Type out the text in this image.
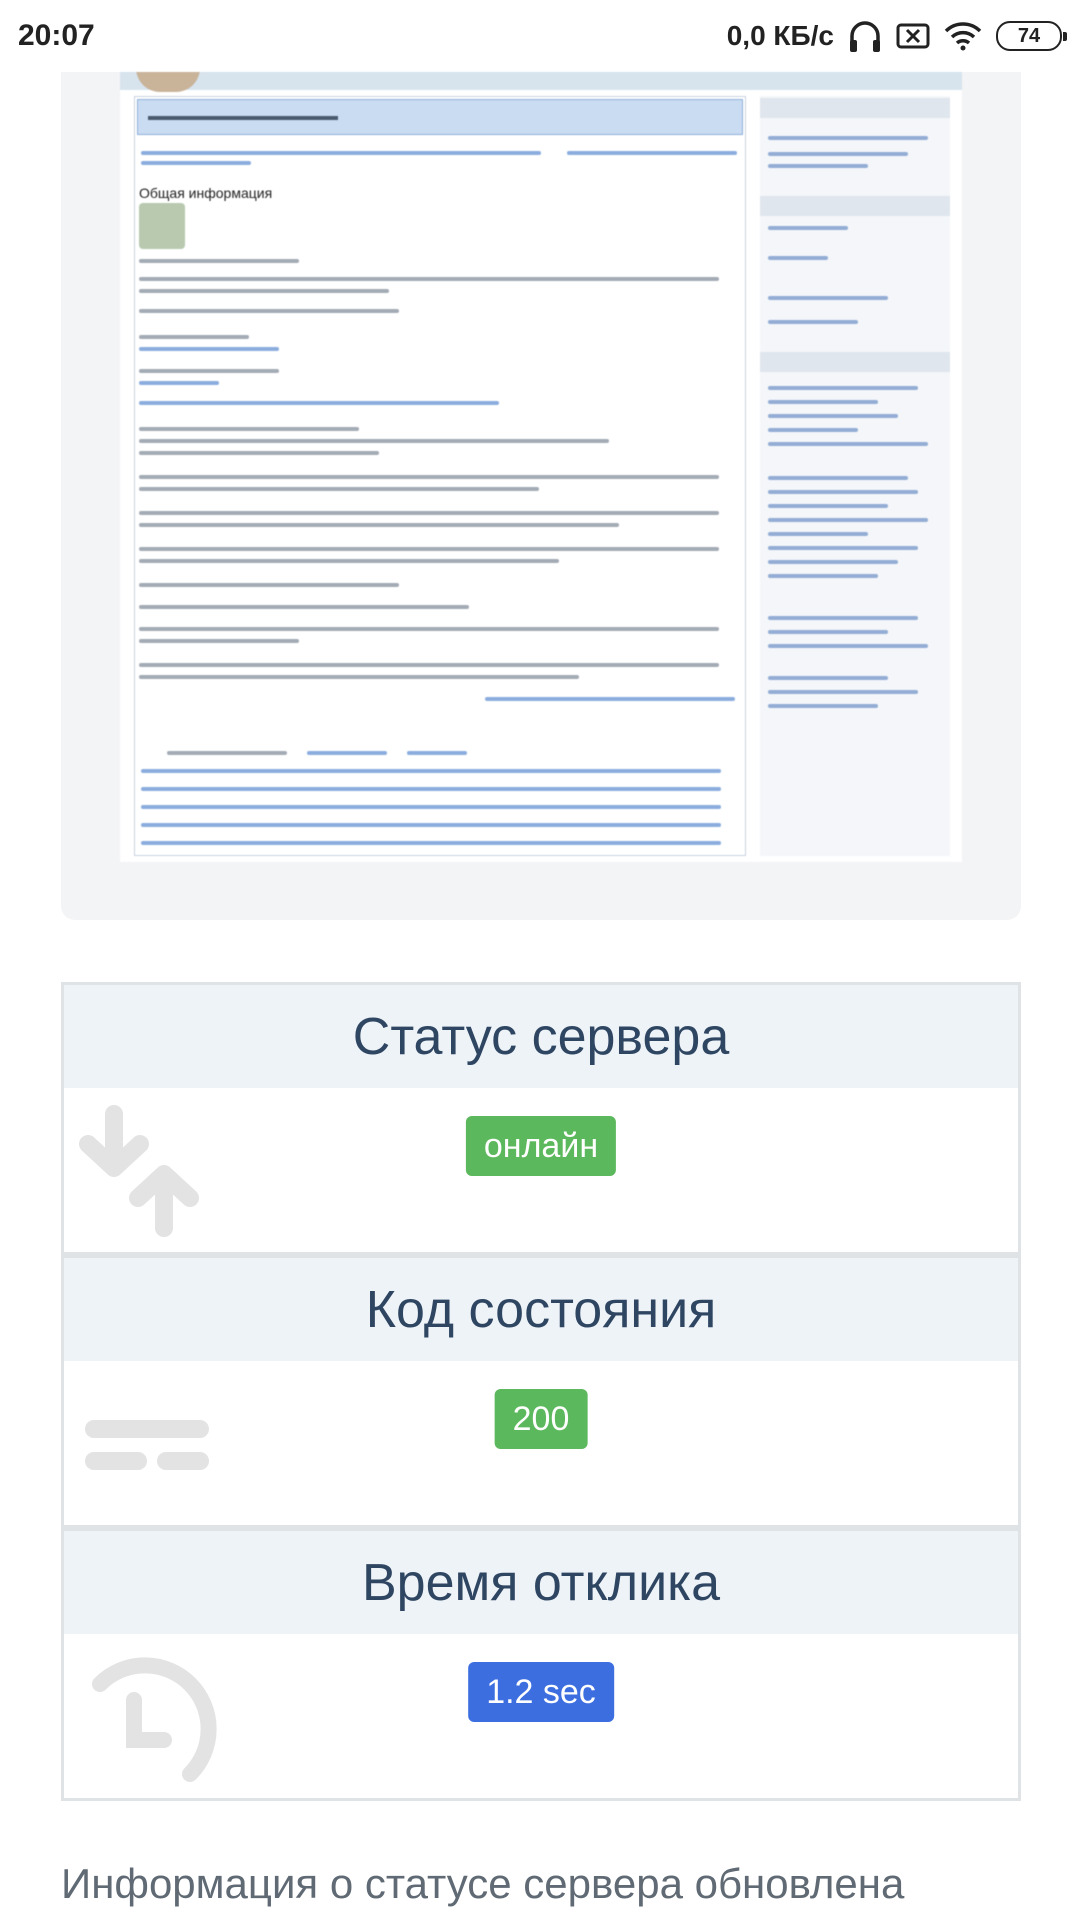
20:07	0,0 КБ/с	74
Общая информация
Статус сервера
онлайн
Код состояния
200
Время отклика
1.2 sec
Информация о статусе сервера обновлена
